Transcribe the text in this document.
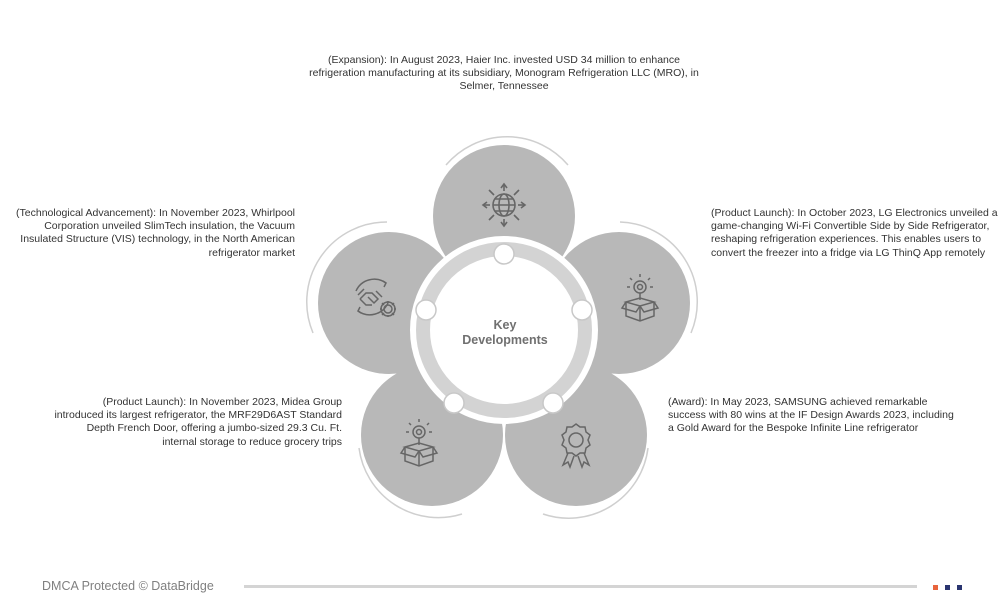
Key
Developments
(Expansion): In August 2023, Haier Inc. invested USD 34 million to enhance refrigeration manufacturing at its subsidiary, Monogram Refrigeration LLC (MRO), in Selmer, Tennessee
(Product Launch): In October 2023, LG Electronics unveiled a game-changing Wi-Fi Convertible Side by Side Refrigerator, reshaping refrigeration experiences. This enables users to convert the freezer into a fridge via LG ThinQ App remotely
(Award): In May 2023, SAMSUNG achieved remarkable success with 80 wins at the IF Design Awards 2023, including a Gold Award for the Bespoke Infinite Line refrigerator
(Product Launch): In November 2023, Midea Group introduced its largest refrigerator, the MRF29D6AST Standard Depth French Door, offering a jumbo-sized 29.3 Cu. Ft. internal storage to reduce grocery trips
(Technological Advancement): In November 2023, Whirlpool Corporation unveiled SlimTech insulation, the Vacuum Insulated Structure (VIS) technology, in the North American refrigerator market
DMCA Protected © DataBridge
